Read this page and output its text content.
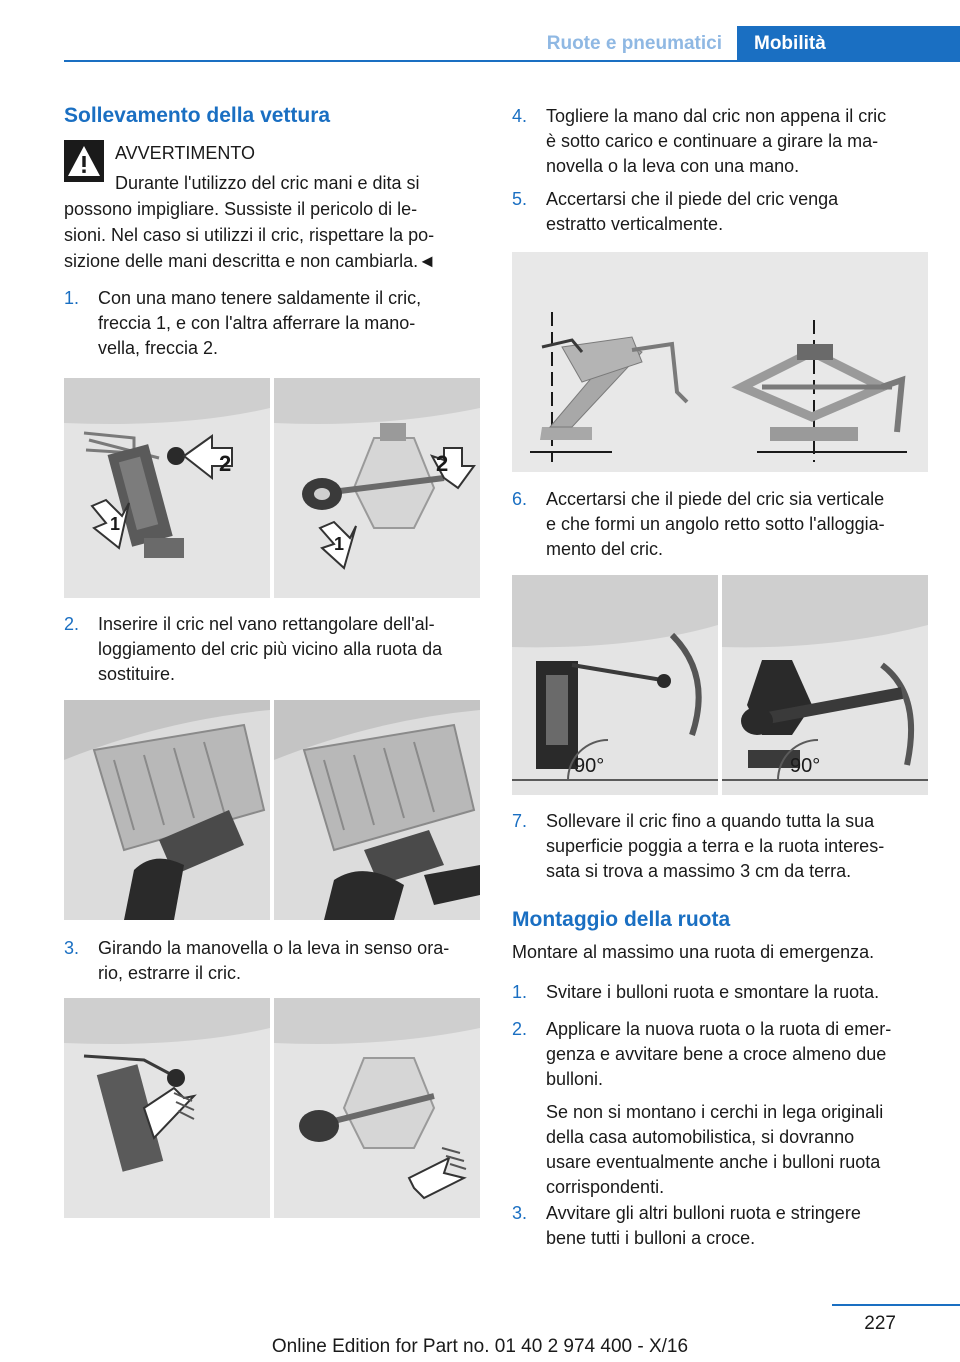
Ruote e pneumatici	Mobilità
Sollevamento della vettura
AVVERTIMENTO
Durante l'utilizzo del cric mani e dita si
possono impigliare. Sussiste il pericolo di le-
sioni. Nel caso si utilizzi il cric, rispettare la po-
sizione delle mani descritta e non cambiarla.◄
1. Con una mano tenere saldamente il cric,
freccia 1, e con l'altra afferrare la mano-
vella, freccia 2.
2
1
2
1
2. Inserire il cric nel vano rettangolare dell'al-
loggiamento del cric più vicino alla ruota da
sostituire.
3. Girando la manovella o la leva in senso ora-
rio, estrarre il cric.
4. Togliere la mano dal cric non appena il cric
è sotto carico e continuare a girare la ma-
novella o la leva con una mano.
5. Accertarsi che il piede del cric venga
estratto verticalmente.
6. Accertarsi che il piede del cric sia verticale
e che formi un angolo retto sotto l'alloggia-
mento del cric.
90°	90°
7. Sollevare il cric fino a quando tutta la sua
superficie poggia a terra e la ruota interes-
sata si trova a massimo 3 cm da terra.
Montaggio della ruota
Montare al massimo una ruota di emergenza.
1. Svitare i bulloni ruota e smontare la ruota.
2. Applicare la nuova ruota o la ruota di emer-
genza e avvitare bene a croce almeno due
bulloni.
Se non si montano i cerchi in lega originali
della casa automobilistica, si dovranno
usare eventualmente anche i bulloni ruota
corrispondenti.
3. Avvitare gli altri bulloni ruota e stringere
bene tutti i bulloni a croce.
227
Online Edition for Part no. 01 40 2 974 400 - X/16
